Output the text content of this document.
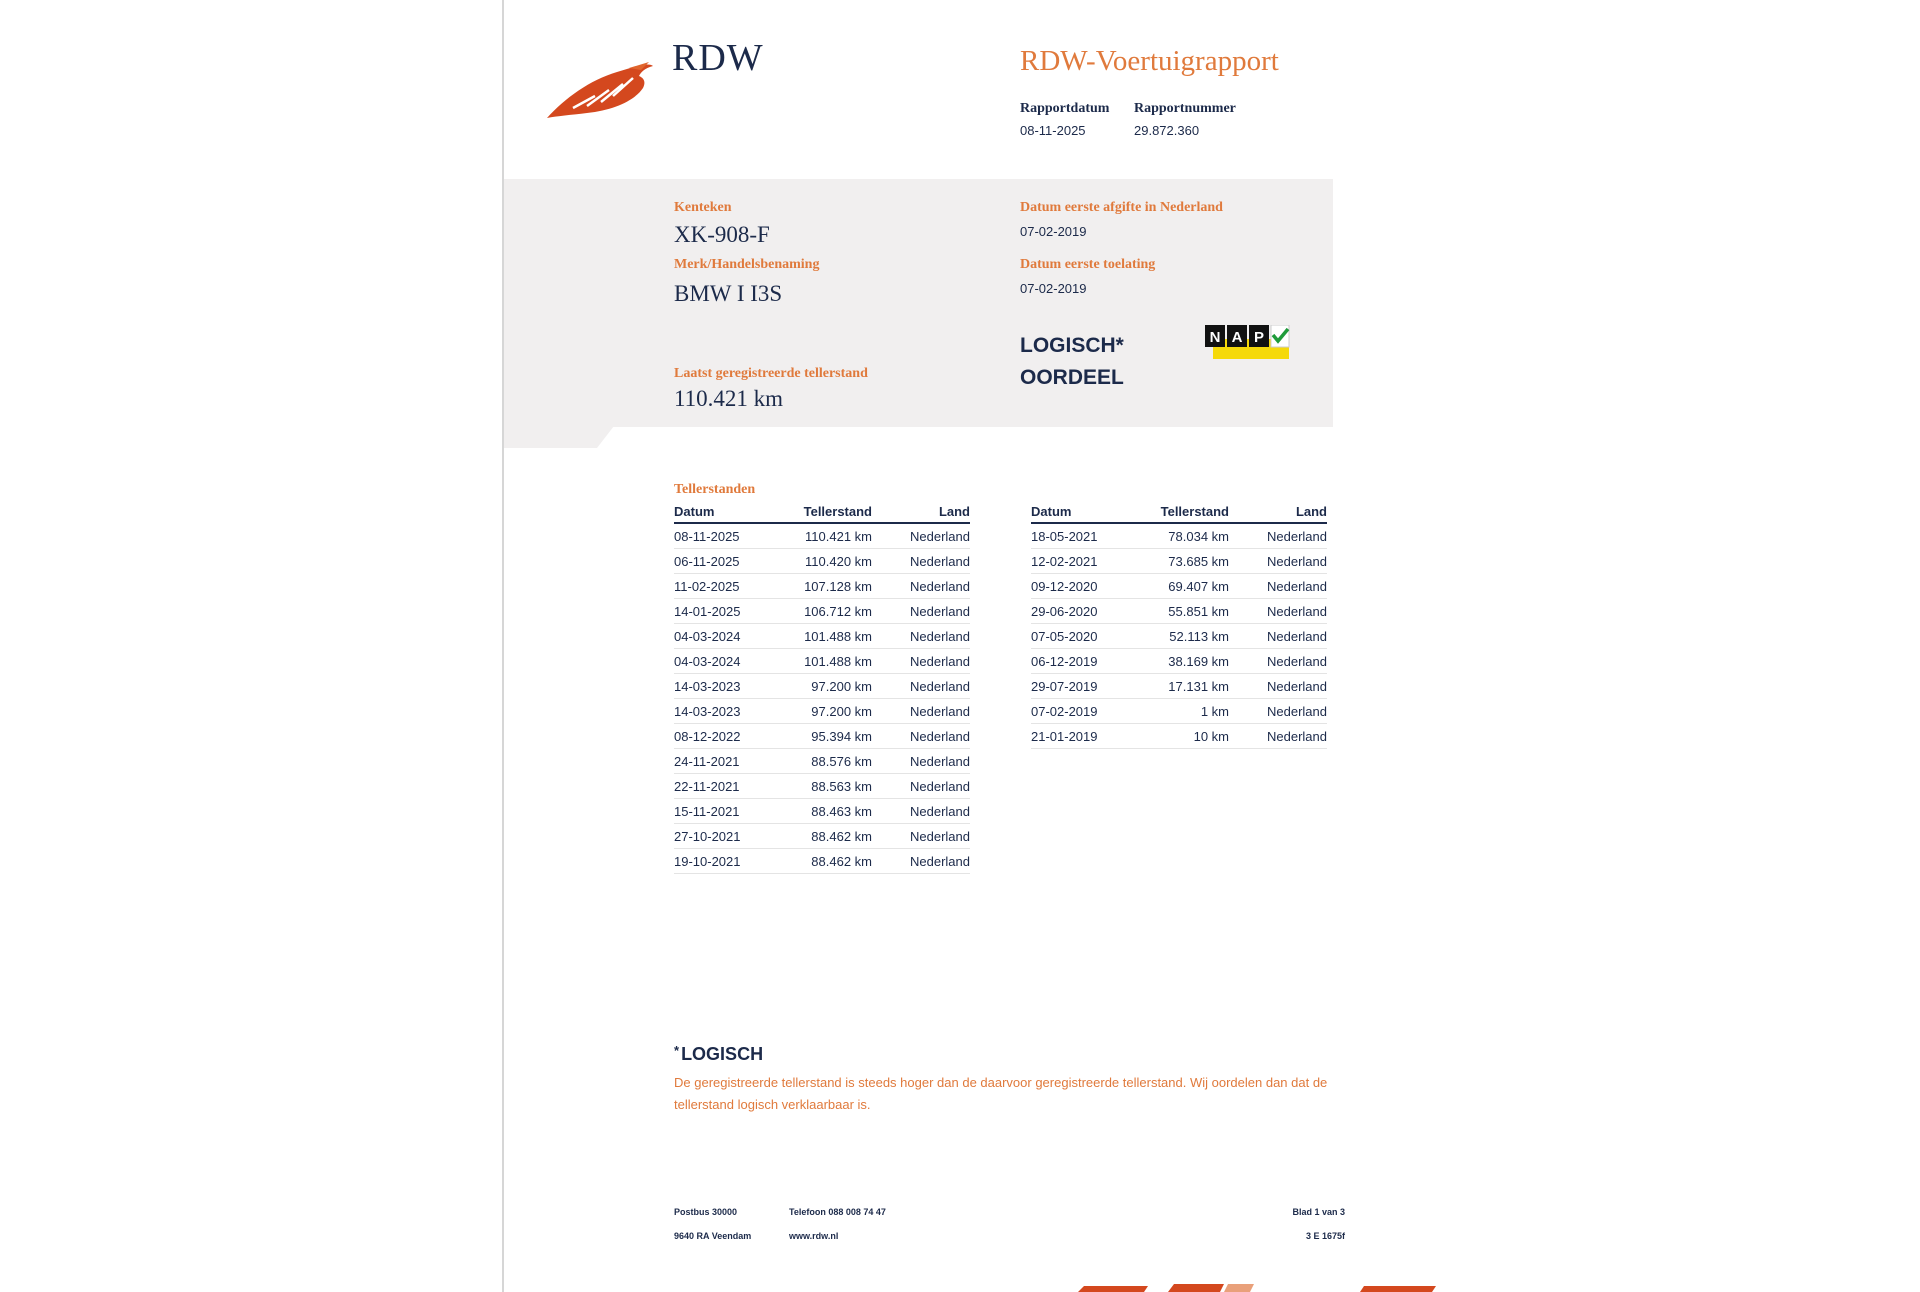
RDW	RDW-Voertuigrapport
Rapportdatum
08-11-2025
Rapportnummer
29.872.360
Kenteken
XK-908-F
Merk/Handelsbenaming
BMW I I3S
Laatst geregistreerde tellerstand
110.421 km
Datum eerste afgifte in Nederland
07-02-2019
Datum eerste toelating
07-02-2019
LOGISCH*
OORDEEL
N A P
Tellerstanden
Datum	Tellerstand	Land
08-11-2025	110.421 km	Nederland
06-11-2025	110.420 km	Nederland
11-02-2025	107.128 km	Nederland
14-01-2025	106.712 km	Nederland
04-03-2024	101.488 km	Nederland
04-03-2024	101.488 km	Nederland
14-03-2023	97.200 km	Nederland
14-03-2023	97.200 km	Nederland
08-12-2022	95.394 km	Nederland
24-11-2021	88.576 km	Nederland
22-11-2021	88.563 km	Nederland
15-11-2021	88.463 km	Nederland
27-10-2021	88.462 km	Nederland
19-10-2021	88.462 km	Nederland
Datum	Tellerstand	Land
18-05-2021	78.034 km	Nederland
12-02-2021	73.685 km	Nederland
09-12-2020	69.407 km	Nederland
29-06-2020	55.851 km	Nederland
07-05-2020	52.113 km	Nederland
06-12-2019	38.169 km	Nederland
29-07-2019	17.131 km	Nederland
07-02-2019	1 km	Nederland
21-01-2019	10 km	Nederland
* LOGISCH
De geregistreerde tellerstand is steeds hoger dan de daarvoor geregistreerde tellerstand. Wij oordelen dan dat de tellerstand logisch verklaarbaar is.
Postbus 30000
9640 RA Veendam
Telefoon 088 008 74 47
www.rdw.nl
Blad 1 van 3
3 E 1675f
